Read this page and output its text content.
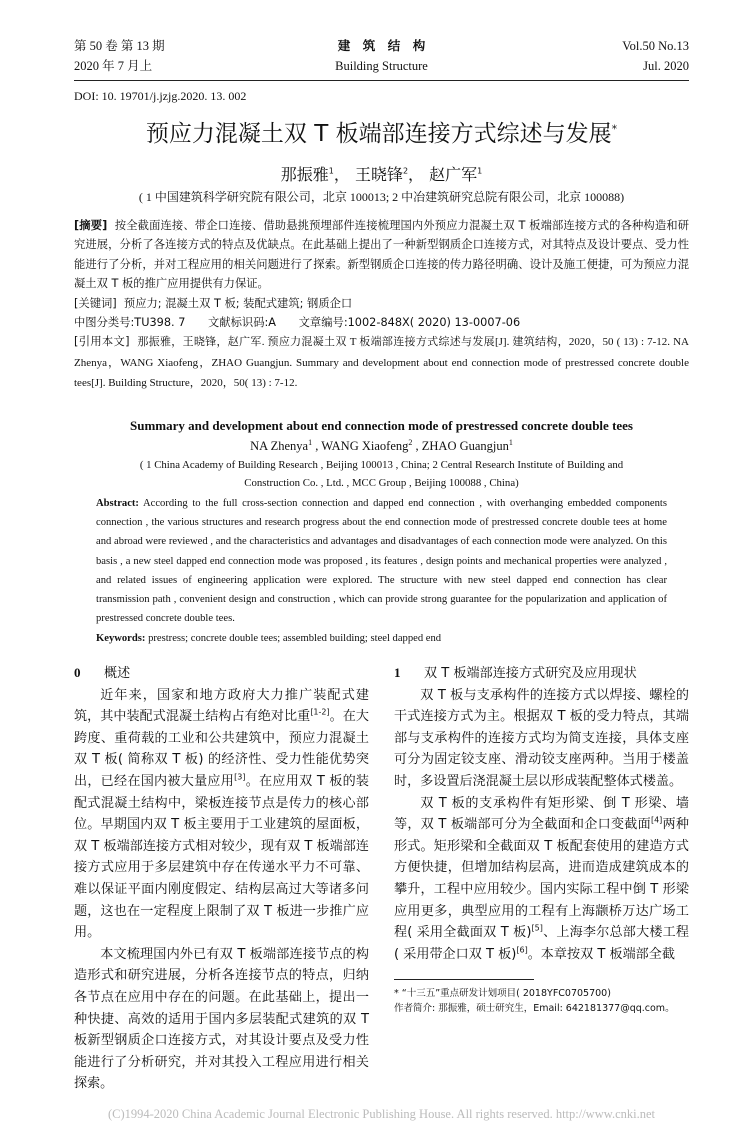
第 50 卷 第 13 期
2020 年 7 月上
建　筑　结　构
Building Structure
Vol.50 No.13
Jul. 2020
DOI: 10. 19701/j.jzjg.2020. 13. 002
预应力混凝土双 T 板端部连接方式综述与发展*
那振雅$^1$， 王晓锋$^2$， 赵广军$^1$
( 1 中国建筑科学研究院有限公司，北京 100013; 2 中冶建筑研究总院有限公司，北京 100088)

[摘要] 按全截面连接、带企口连接、借助悬挑预埋部件连接梳理国内外预应力混凝土双 T 板端部连接方式的各种构造和研究进展，分析了各连接方式的特点及优缺点。在此基础上提出了一种新型钢质企口连接方式，对其特点及设计要点、受力性能进行了分析，并对工程应用的相关问题进行了探索。新型钢质企口连接的传力路径明确、设计及施工便捷，可为预应力混凝土双 T 板的推广应用提供有力保证。

[关键词] 预应力; 混凝土双 T 板; 装配式建筑; 钢质企口

中图分类号:TU398. 7   文献标识码:A   文章编号:1002-848X( 2020) 13-0007-06

[引用本文] 那振雅，王晓锋，赵广军. 预应力混凝土双 T 板端部连接方式综述与发展[J]. 建筑结构，2020，50 ( 13) : 7-12. NA Zhenya，WANG Xiaofeng，ZHAO Guangjun. Summary and development about end connection mode of prestressed concrete double tees[J]. Building Structure，2020，50( 13) : 7-12.

Summary and development about end connection mode of prestressed concrete double tees
NA Zhenya$^1$ , WANG Xiaofeng$^2$ , ZHAO Guangjun$^1$
( 1 China Academy of Building Research , Beijing 100013 , China; 2 Central Research Institute of Building and
Construction Co. , Ltd. , MCC Group , Beijing 100088 , China)

Abstract: According to the full cross-section connection and dapped end connection , with overhanging embedded components connection , the various structures and research progress about the end connection mode of prestressed concrete double tees at home and abroad were reviewed , and the characteristics and advantages and disadvantages of each connection mode were analyzed. On this basis , a new steel dapped end connection mode was proposed , its features , design points and mechanical properties were analyzed , and related issues of engineering application were explored. The structure with new steel dapped end connection has clear transmission path , convenient design and construction , which can provide strong guarantee for the popularization and application of prestressed concrete double tees.

Keywords: prestress; concrete double tees; assembled building; steel dapped end

0 概述

近年来，国家和地方政府大力推广装配式建筑，其中装配式混凝土结构占有绝对比重[1-2]。在大跨度、重荷载的工业和公共建筑中，预应力混凝土双 T 板( 简称双 T 板) 的经济性、受力性能优势突出，已经在国内被大量应用[3]。在应用双 T 板的装配式混凝土结构中，梁板连接节点是传力的核心部位。早期国内双 T 板主要用于工业建筑的屋面板，双 T 板端部连接方式相对较少，现有双 T 板端部连接方式应用于多层建筑中存在传递水平力不可靠、难以保证平面内刚度假定、结构层高过大等诸多问题，这也在一定程度上限制了双 T 板进一步推广应用。

本文梳理国内外已有双 T 板端部连接节点的构造形式和研究进展，分析各连接节点的特点，归纳各节点在应用中存在的问题。在此基础上，提出一种快捷、高效的适用于国内多层装配式建筑的双 T 板新型钢质企口连接方式，对其设计要点及受力性能进行了分析研究，并对其投入工程应用进行相关探索。

1 双 T 板端部连接方式研究及应用现状

双 T 板与支承构件的连接方式以焊接、螺栓的干式连接方式为主。根据双 T 板的受力特点，其端部与支承构件的连接方式均为简支连接，具体支座可分为固定铰支座、滑动铰支座两种。当用于楼盖时，多设置后浇混凝土层以形成装配整体式楼盖。

双 T 板的支承构件有矩形梁、倒 T 形梁、墙等，双 T 板端部可分为全截面和企口变截面[4]两种形式。矩形梁和全截面双 T 板配套使用的建造方式方便快捷，但增加结构层高，进而造成建筑成本的攀升，工程中应用较少。国内实际工程中倒 T 形梁应用更多，典型应用的工程有上海颛桥万达广场工程( 采用全截面双 T 板)[5]、上海李尔总部大楼工程( 采用带企口双 T 板)[6]。本章按双 T 板端部全截

* “十三五”重点研发计划项目( 2018YFC0705700)
作者简介: 那振雅，硕士研究生，Email: 642181377@qq.com。
(C)1994-2020 China Academic Journal Electronic Publishing House. All rights reserved. http://www.cnki.net
